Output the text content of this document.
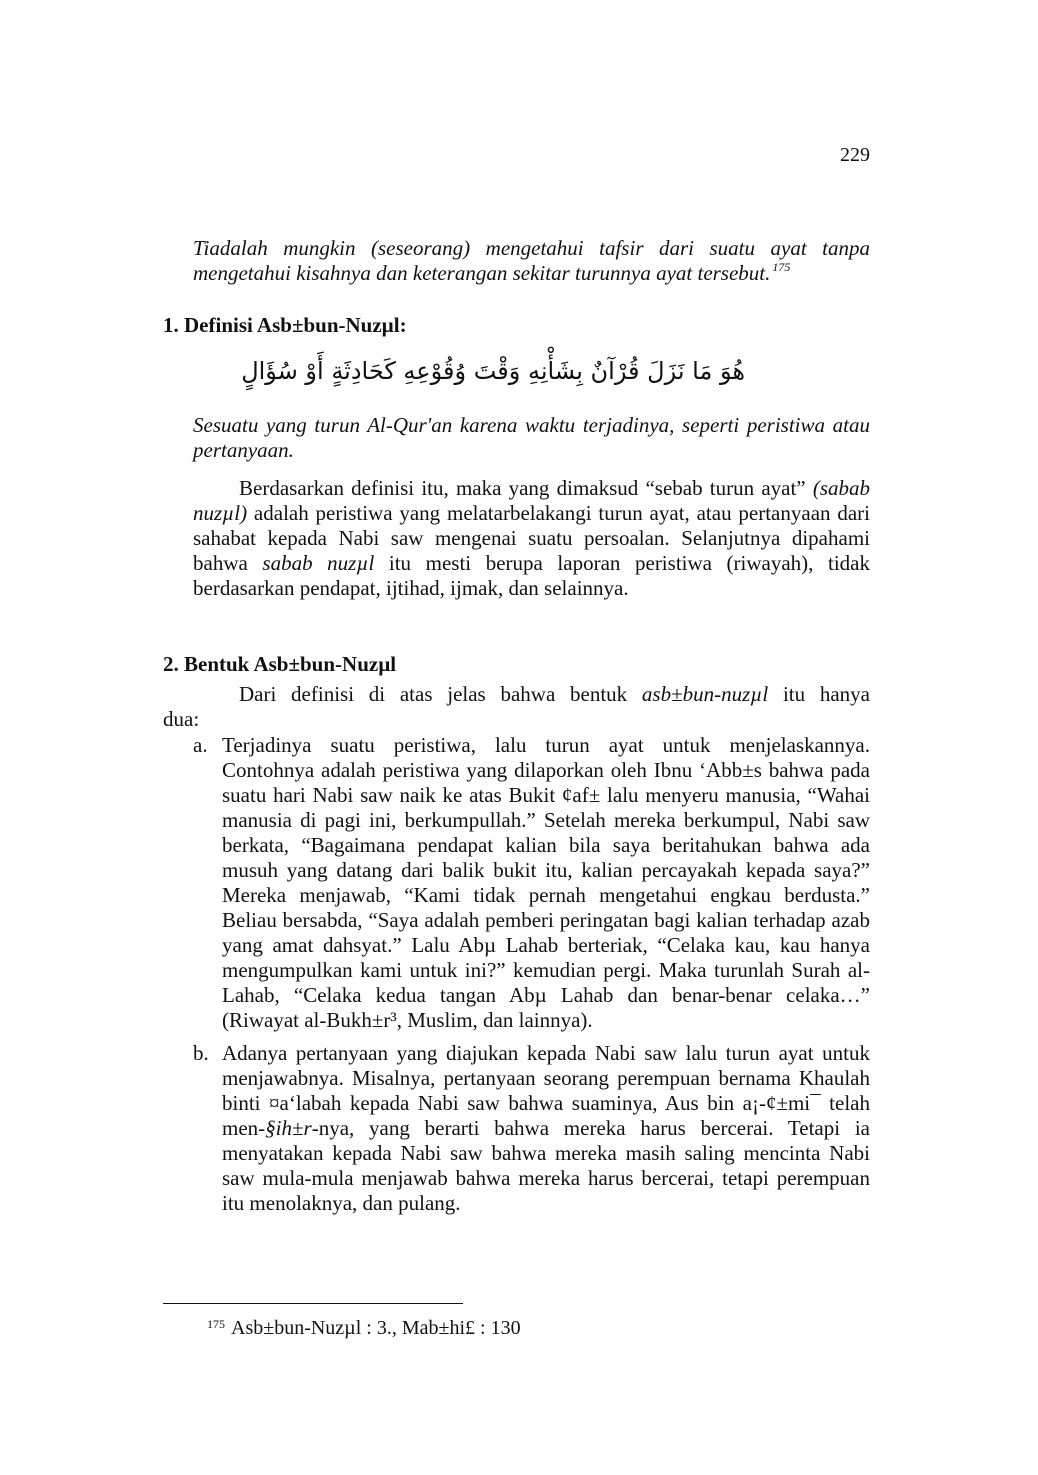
229
Tiadalah mungkin (seseorang) mengetahui tafsir dari suatu ayat tanpa mengetahui kisahnya dan keterangan sekitar turunnya ayat tersebut. $^{175}$
1. Definisi Asb±bun-Nuzµl:
هُوَ مَا نَزَلَ قُرْآنٌ بِشَأْنِهِ وَقْتَ وُقُوْعِهِ كَحَادِثَةٍ أَوْ سُؤَالٍ
Sesuatu yang turun Al-Qur'an karena waktu terjadinya, seperti peristiwa atau pertanyaan.
Berdasarkan definisi itu, maka yang dimaksud “sebab turun ayat” (sabab nuzµl) adalah peristiwa yang melatarbelakangi turun ayat, atau pertanyaan dari sahabat kepada Nabi saw mengenai suatu persoalan. Selanjutnya dipahami bahwa sabab nuzµl itu mesti berupa laporan peristiwa (riwayah), tidak berdasarkan pendapat, ijtihad, ijmak, dan selainnya.
2. Bentuk Asb±bun-Nuzµl
Dari definisi di atas jelas bahwa bentuk asb±bun-nuzµl itu hanya
dua:
a. Terjadinya suatu peristiwa, lalu turun ayat untuk menjelaskannya. Contohnya adalah peristiwa yang dilaporkan oleh Ibnu ‘Abb±s bahwa pada suatu hari Nabi saw naik ke atas Bukit ¢af± lalu menyeru manusia, “Wahai manusia di pagi ini, berkumpullah.” Setelah mereka berkumpul, Nabi saw berkata, “Bagaimana pendapat kalian bila saya beritahukan bahwa ada musuh yang datang dari balik bukit itu, kalian percayakah kepada saya?” Mereka menjawab, “Kami tidak pernah mengetahui engkau berdusta.” Beliau bersabda, “Saya adalah pemberi peringatan bagi kalian terhadap azab yang amat dahsyat.” Lalu Abµ Lahab berteriak, “Celaka kau, kau hanya mengumpulkan kami untuk ini?” kemudian pergi. Maka turunlah Surah al-Lahab, “Celaka kedua tangan Abµ Lahab dan benar-benar celaka…” (Riwayat al-Bukh±r³, Muslim, dan lainnya).
b. Adanya pertanyaan yang diajukan kepada Nabi saw lalu turun ayat untuk menjawabnya. Misalnya, pertanyaan seorang perempuan bernama Khaulah binti ¤a‘labah kepada Nabi saw bahwa suaminya, Aus bin a¡-¢±mi¯ telah men-§ih±r-nya, yang berarti bahwa mereka harus bercerai. Tetapi ia menyatakan kepada Nabi saw bahwa mereka masih saling mencinta Nabi saw mula-mula menjawab bahwa mereka harus bercerai, tetapi perempuan itu menolaknya, dan pulang.
$^{175}$ Asb±bun-Nuzµl : 3., Mab±hi£ : 130
